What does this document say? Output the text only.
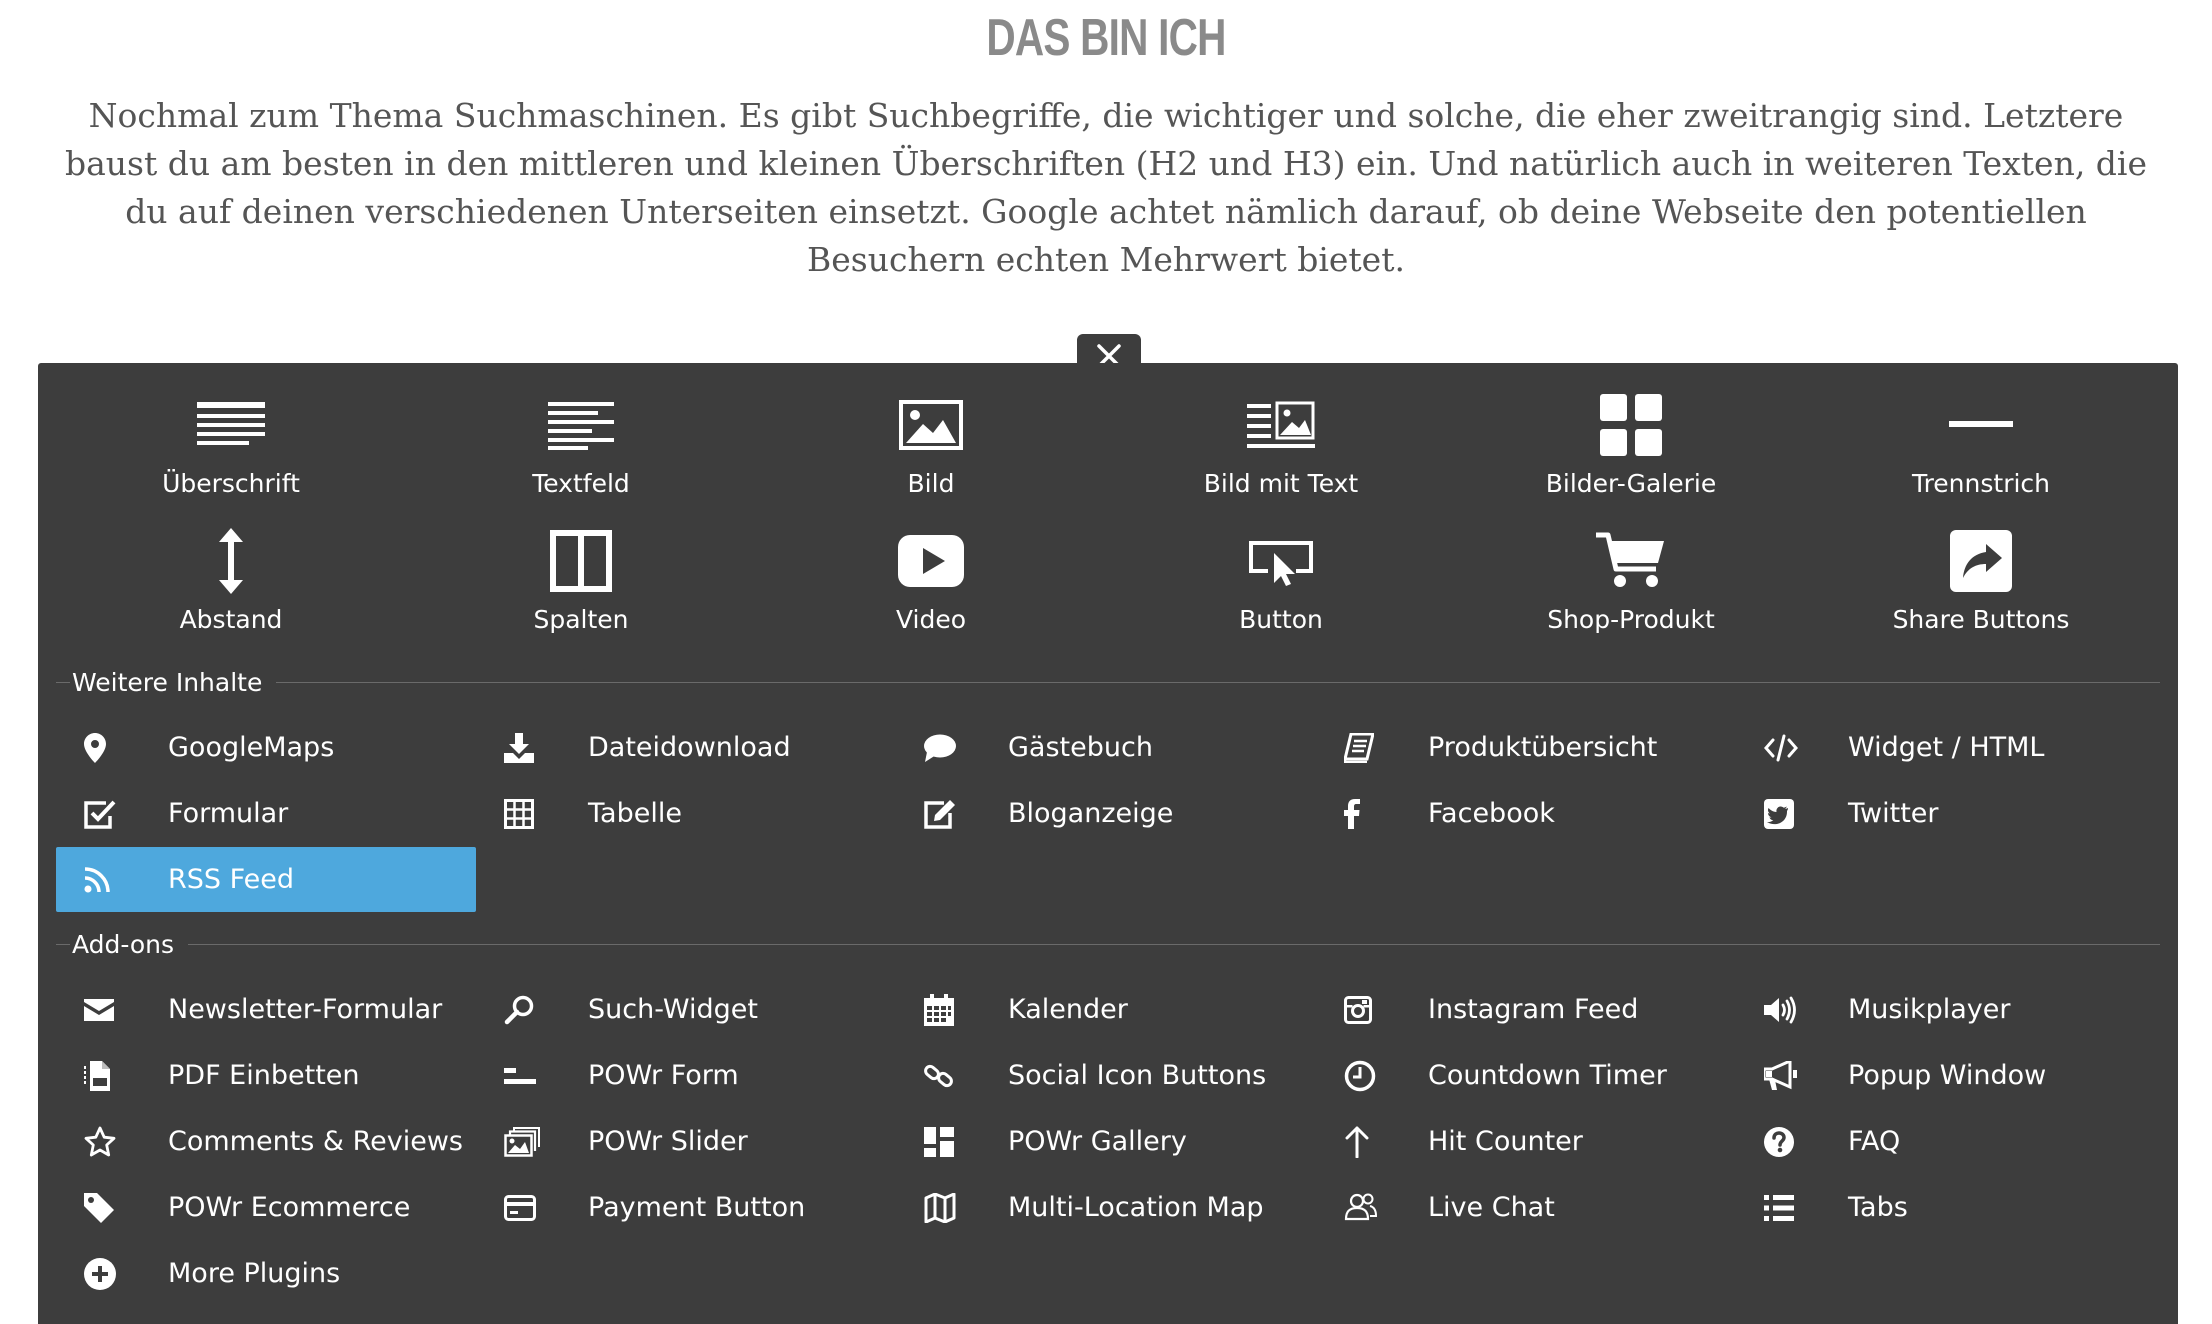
DAS BIN ICH
Nochmal zum Thema Suchmaschinen. Es gibt Suchbegriffe, die wichtiger und solche, die eher zweitrangig sind. Letztere baust du am besten in den mittleren und kleinen Überschriften (H2 und H3) ein. Und natürlich auch in weiteren Texten, die du auf deinen verschiedenen Unterseiten einsetzt. Google achtet nämlich darauf, ob deine Webseite den potentiellen Besuchern echten Mehrwert bietet.
Überschrift	Textfeld	Bild	Bild mit Text	Bilder-Galerie	Trennstrich
Abstand	Spalten	Video	Button	Shop-Produkt	Share Buttons
Weitere Inhalte
GoogleMaps	Dateidownload	Gästebuch	Produktübersicht	Widget / HTML
Formular	Tabelle	Bloganzeige	Facebook	Twitter
RSS Feed
Add-ons
Newsletter-Formular	Such-Widget	Kalender	Instagram Feed	Musikplayer
PDF Einbetten	POWr Form	Social Icon Buttons	Countdown Timer	Popup Window
Comments & Reviews	POWr Slider	POWr Gallery	Hit Counter	FAQ
POWr Ecommerce	Payment Button	Multi-Location Map	Live Chat	Tabs
More Plugins
